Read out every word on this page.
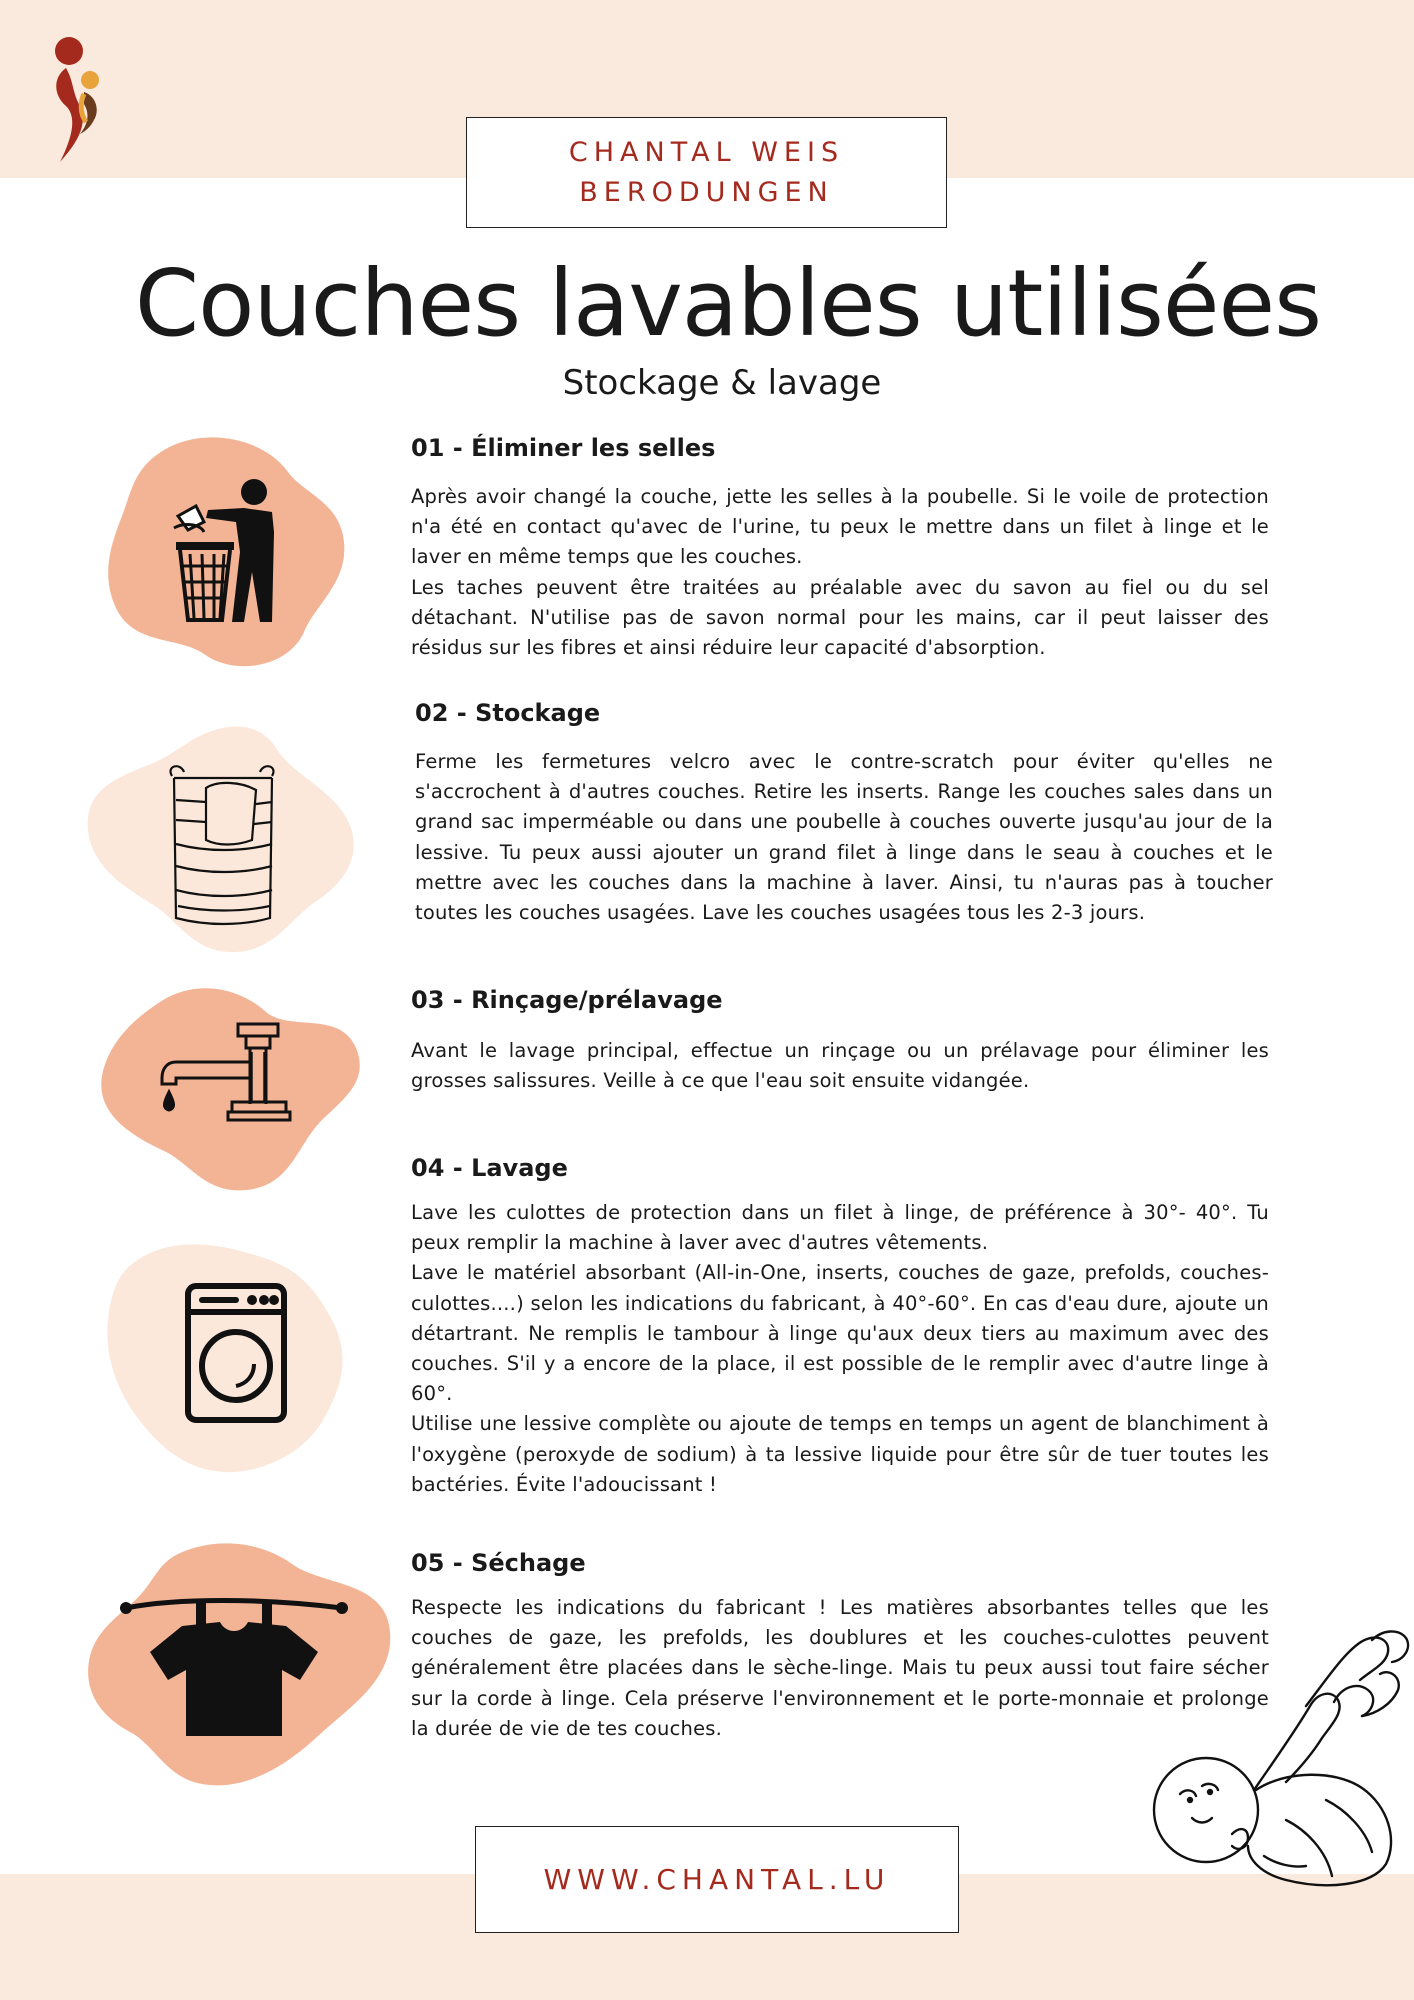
CHANTAL WEIS
BERODUNGEN
Couches lavables utilisées
Stockage & lavage
01 - Éliminer les selles

Après avoir changé la couche, jette les selles à la poubelle. Si le voile de protection n'a été en contact qu'avec de l'urine, tu peux le mettre dans un filet à linge et le laver en même temps que les couches.

Les taches peuvent être traitées au préalable avec du savon au fiel ou du sel détachant. N'utilise pas de savon normal pour les mains, car il peut laisser des résidus sur les fibres et ainsi réduire leur capacité d'absorption.

02 - Stockage

Ferme les fermetures velcro avec le contre-scratch pour éviter qu'elles ne s'accrochent à d'autres couches. Retire les inserts. Range les couches sales dans un grand sac imperméable ou dans une poubelle à couches ouverte jusqu'au jour de la lessive. Tu peux aussi ajouter un grand filet à linge dans le seau à couches et le mettre avec les couches dans la machine à laver. Ainsi, tu n'auras pas à toucher toutes les couches usagées. Lave les couches usagées tous les 2-3 jours.

03 - Rinçage/prélavage

Avant le lavage principal, effectue un rinçage ou un prélavage pour éliminer les grosses salissures. Veille à ce que l'eau soit ensuite vidangée.

04 - Lavage

Lave les culottes de protection dans un filet à linge, de préférence à 30°- 40°. Tu peux remplir la machine à laver avec d'autres vêtements.

Lave le matériel absorbant (All-in-One, inserts, couches de gaze, prefolds, couches-culottes....) selon les indications du fabricant, à 40°-60°. En cas d'eau dure, ajoute un détartrant. Ne remplis le tambour à linge qu'aux deux tiers au maximum avec des couches. S'il y a encore de la place, il est possible de le remplir avec d'autre linge à 60°.

Utilise une lessive complète ou ajoute de temps en temps un agent de blanchiment à l'oxygène (peroxyde de sodium) à ta lessive liquide pour être sûr de tuer toutes les bactéries. Évite l'adoucissant !

05 - Séchage

Respecte les indications du fabricant ! Les matières absorbantes telles que les couches de gaze, les prefolds, les doublures et les couches-culottes peuvent généralement être placées dans le sèche-linge. Mais tu peux aussi tout faire sécher sur la corde à linge. Cela préserve l'environnement et le porte-monnaie et prolonge la durée de vie de tes couches.

WWW.CHANTAL.LU
